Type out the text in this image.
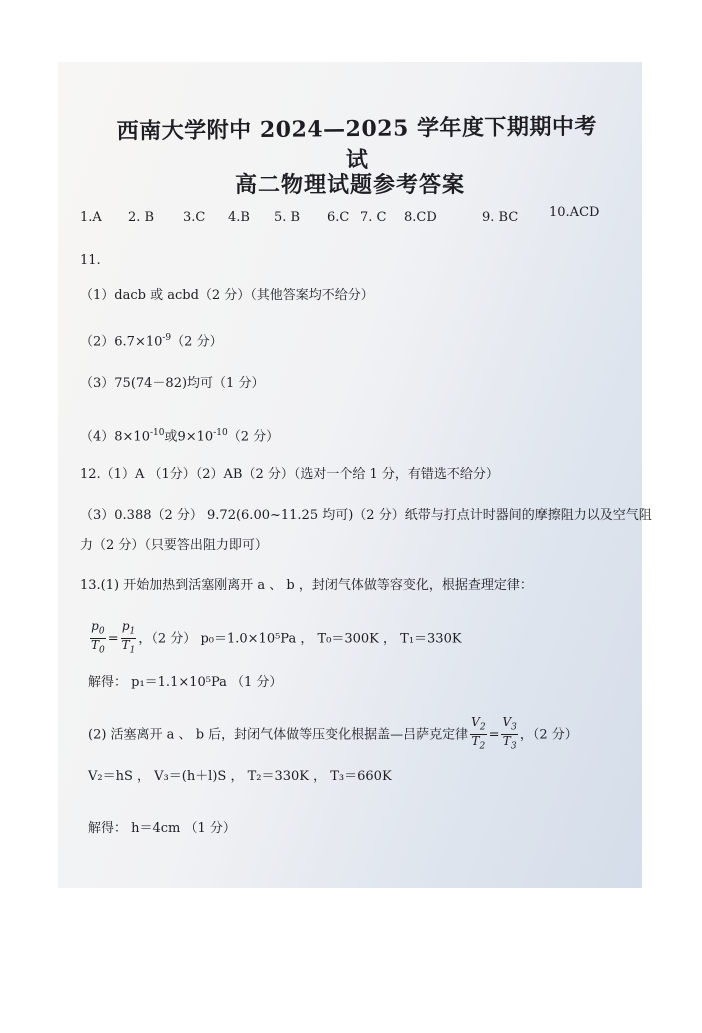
西南大学附中 2024—2025 学年度下期期中考试
高二物理试题参考答案
1.A 2. B 3.C 4.B 5. B 6.C 7. C 8.CD	9. BC 10.ACD
11.
（1）dacb 或 acbd（2 分）（其他答案均不给分）
$(2)6.7\times 10^{-9}(2$ 分）
（3）75(74－82)均可（1 分）
$(4)8\times 10^{-10}$或$9\times 10^{-10}(2$ 分）
12.（1）A （1分）（2）AB（2 分）（选对一个给 1 分，有错选不给分）
（3）0.388（2 分） 9.72(6.00~11.25 均可)（2 分）纸带与打点计时器间的摩擦阻力以及空气阻
力（2 分）（只要答出阻力即可）
13.(1) 开始加热到活塞刚离开 a 、 b ，封闭气体做等容变化，根据查理定律：
$\frac{p_0}{T_0} = \frac{p_1}{T_1}$ ，（2 分） p₀＝1.0×10⁵Pa ， T₀＝300K ， T₁＝330K
解得： p₁＝1.1×10⁵Pa （1 分）
(2) 活塞离开 a 、 b 后，封闭气体做等压变化根据盖—吕萨克定律 $\frac{V_2}{T_2} = \frac{V_3}{T_3}$ ，（2 分）
V₂＝hS ， V₃＝(h＋l)S ， T₂＝330K ， T₃＝660K
解得： h＝4cm （1 分）
